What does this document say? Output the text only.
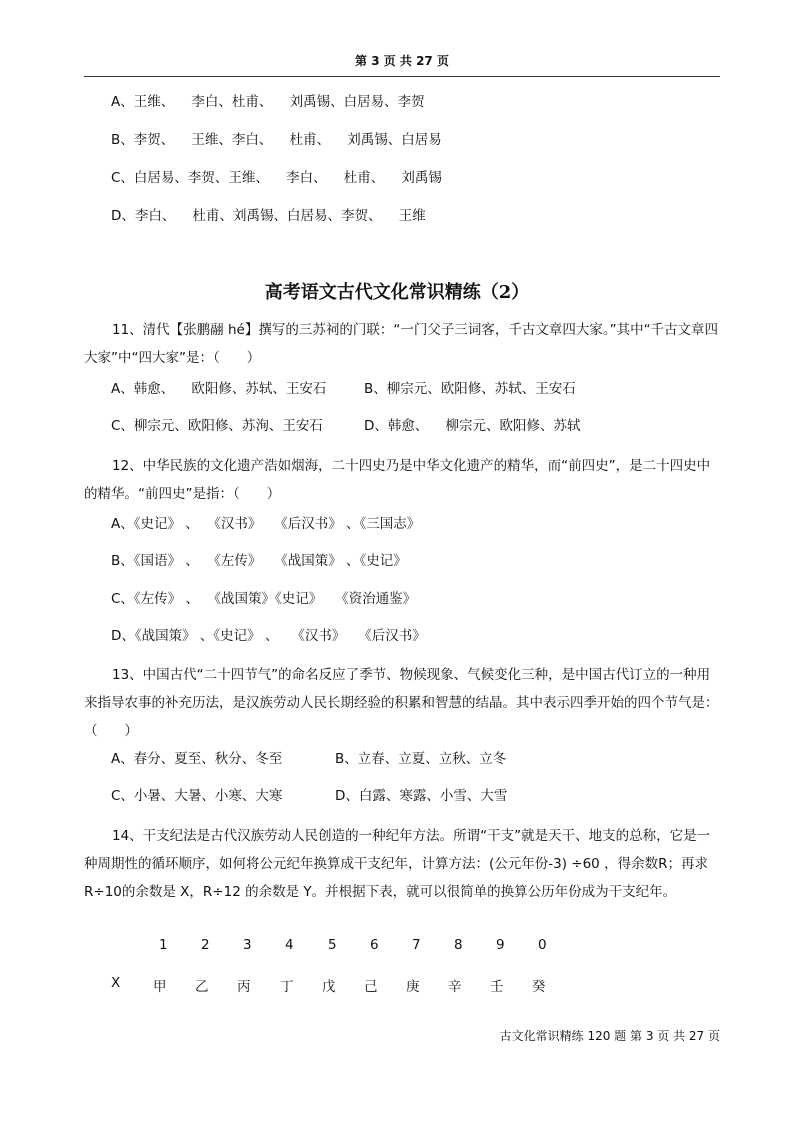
第 3 页 共 27 页
A、王维、    李白、杜甫、    刘禹锡、白居易、李贺
B、李贺、    王维、李白、    杜甫、    刘禹锡、白居易
C、白居易、李贺、王维、    李白、    杜甫、    刘禹锡
D、李白、    杜甫、刘禹锡、白居易、李贺、    王维
高考语文古代文化常识精练（2）
11、清代【张鹏翮 hé】撰写的三苏祠的门联：“一门父子三词客，千古文章四大家。”其中“千古文章四大家”中“四大家”是：（　　）
A、韩愈、    欧阳修、苏轼、王安石	B、柳宗元、欧阳修、苏轼、王安石
C、柳宗元、欧阳修、苏洵、王安石	D、韩愈、    柳宗元、欧阳修、苏轼
12、中华民族的文化遗产浩如烟海，二十四史乃是中华文化遗产的精华，而“前四史”，是二十四史中的精华。“前四史”是指：（　　）
A、《史记》 、  《汉书》   《后汉书》 、《三国志》
B、《国语》 、  《左传》   《战国策》 、《史记》
C、《左传》 、  《战国策》《史记》   《资治通鉴》
D、《战国策》 、《史记》 、   《汉书》   《后汉书》
13、中国古代“二十四节气”的命名反应了季节、物候现象、气候变化三种，是中国古代订立的一种用来指导农事的补充历法，是汉族劳动人民长期经验的积累和智慧的结晶。其中表示四季开始的四个节气是：（　　）
A、春分、夏至、秋分、冬至	B、立春、立夏、立秋、立冬
C、小暑、大暑、小寒、大寒	D、白露、寒露、小雪、大雪
14、干支纪法是古代汉族劳动人民创造的一种纪年方法。所谓“干支”就是天干、地支的总称，它是一种周期性的循环顺序，如何将公元纪年换算成干支纪年，计算方法：(公元年份-3) ÷60 ，得余数R；再求 R÷10的余数是 X，R÷12 的余数是 Y。并根据下表，就可以很简单的换算公历年份成为干支纪年。
1 2 3 4	5 6 7 8 9 0
X 甲 乙 丙 丁 戊 己 庚 辛 壬 癸
古文化常识精练 120 题 第 3 页 共 27 页
